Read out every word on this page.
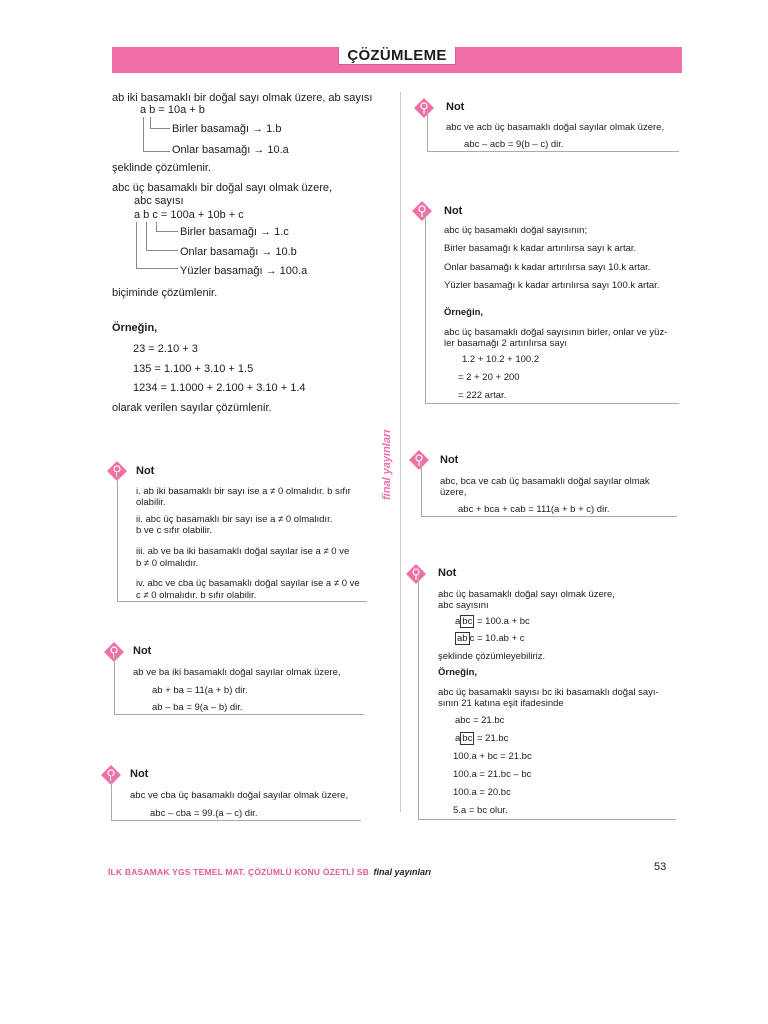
ÇÖZÜMLEME
ab iki basamaklı bir doğal sayı olmak üzere, ab sayısı
a b = 10a + b
Birler basamağı → 1.b
Onlar basamağı → 10.a
şeklinde çözümlenir.
abc üç basamaklı bir doğal sayı olmak üzere,
abc sayısı
a b c = 100a + 10b + c
Birler basamağı → 1.c
Onlar basamağı → 10.b
Yüzler basamağı → 100.a
biçiminde çözümlenir.
Örneğin,
23 = 2.10 + 3
135 = 1.100 + 3.10 + 1.5
1234 = 1.1000 + 2.100 + 3.10 + 1.4
olarak verilen sayılar çözümlenir.
Not
i. ab iki basamaklı bir sayı ise a ≠ 0 olmalıdır. b sıfır
olabilir.
ii. abc üç basamaklı bir sayı ise a ≠ 0 olmalıdır.
b ve c sıfır olabilir.
iii. ab ve ba iki basamaklı doğal sayılar ise a ≠ 0 ve
b ≠ 0 olmalıdır.
iv. abc ve cba üç basamaklı doğal sayılar ise a ≠ 0 ve
c ≠ 0 olmalıdır. b sıfır olabilir.
Not
ab ve ba iki basamaklı doğal sayılar olmak üzere,
ab + ba = 11(a + b) dir.
ab – ba = 9(a – b) dir.
Not
abc ve cba üç basamaklı doğal sayılar olmak üzere,
abc – cba = 99.(a – c) dir.
final yayınları
Not
abc ve acb üç basamaklı doğal sayılar olmak üzere,
abc – acb = 9(b – c) dir.
Not
abc üç basamaklı doğal sayısının;
Birler basamağı k kadar artırılırsa sayı k artar.
Onlar basamağı k kadar artırılırsa sayı 10.k artar.
Yüzler basamağı k kadar artırılırsa sayı 100.k artar.
Örneğin,
abc üç basamaklı doğal sayısının birler, onlar ve yüz-
ler basamağı 2 artırılırsa sayı
1.2 + 10.2 + 100.2
= 2 + 20 + 200
= 222 artar.
Not
abc, bca ve cab üç basamaklı doğal sayılar olmak
üzere,
abc + bca + cab = 111(a + b + c) dir.
Not
abc üç basamaklı doğal sayı olmak üzere,
abc sayısını
a bc = 100.a + bc
ab c = 10.ab + c
şeklinde çözümleyebiliriz.
Örneğin,
abc üç basamaklı sayısı bc iki basamaklı doğal sayı-
sının 21 katına eşit ifadesinde
abc = 21.bc
a bc = 21.bc
100.a + bc = 21.bc
100.a = 21.bc – bc
100.a = 20.bc
5.a = bc olur.
İLK BASAMAK YGS TEMEL MAT. ÇÖZÜMLÜ KONU ÖZETLİ SB final yayınları	53
